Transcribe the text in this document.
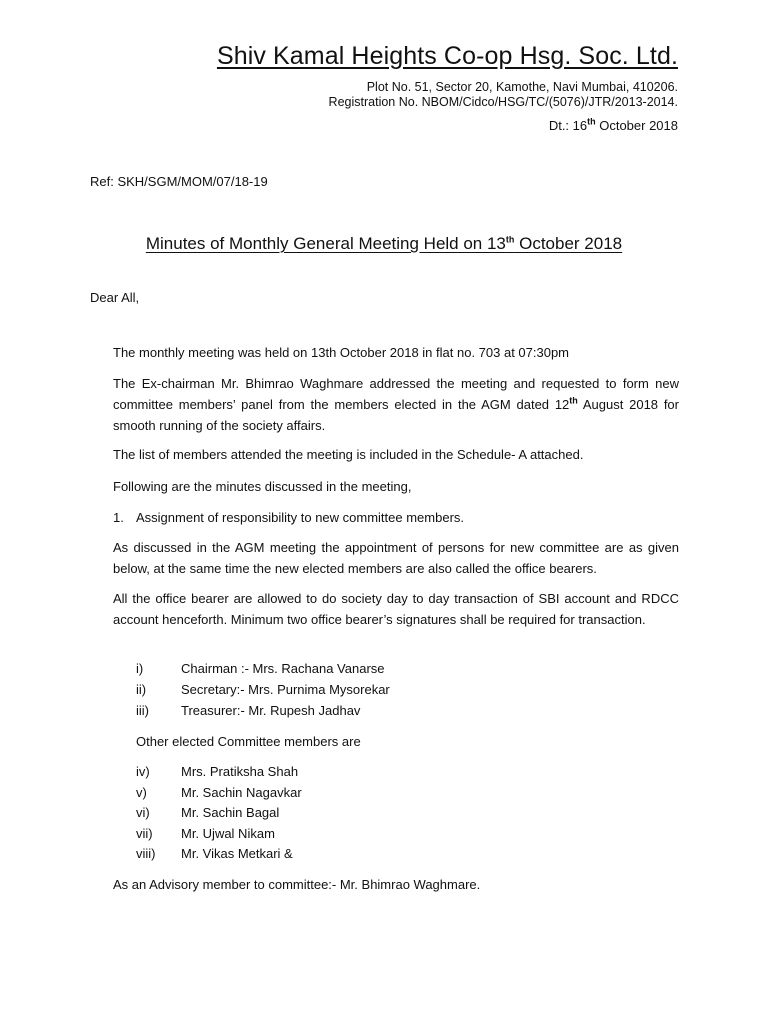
Shiv Kamal Heights Co-op Hsg. Soc. Ltd.
Plot No. 51, Sector 20, Kamothe, Navi Mumbai, 410206.
Registration No. NBOM/Cidco/HSG/TC/(5076)/JTR/2013-2014.
Dt.: 16th October 2018
Ref: SKH/SGM/MOM/07/18-19
Minutes of Monthly General Meeting Held on 13th October 2018
Dear All,
The monthly meeting was held on 13th October 2018 in flat no. 703 at 07:30pm
The Ex-chairman Mr. Bhimrao Waghmare addressed the meeting and requested to form new committee members’ panel from the members elected in the AGM dated 12th August 2018 for smooth running of the society affairs.
The list of members attended the meeting is included in the Schedule- A attached.
Following are the minutes discussed in the meeting,
1. Assignment of responsibility to new committee members.
As discussed in the AGM meeting the appointment of persons for new committee are as given below, at the same time the new elected members are also called the office bearers.
All the office bearer are allowed to do society day to day transaction of SBI account and RDCC account henceforth. Minimum two office bearer’s signatures shall be required for transaction.
i)	Chairman :- Mrs. Rachana Vanarse
ii)	Secretary:- Mrs. Purnima Mysorekar
iii) Treasurer:- Mr. Rupesh Jadhav
Other elected Committee members are
iv) Mrs. Pratiksha Shah
v)	Mr. Sachin Nagavkar
vi) Mr. Sachin Bagal
vii) Mr. Ujwal Nikam
viii) Mr. Vikas Metkari &
As an Advisory member to committee:- Mr. Bhimrao Waghmare.
